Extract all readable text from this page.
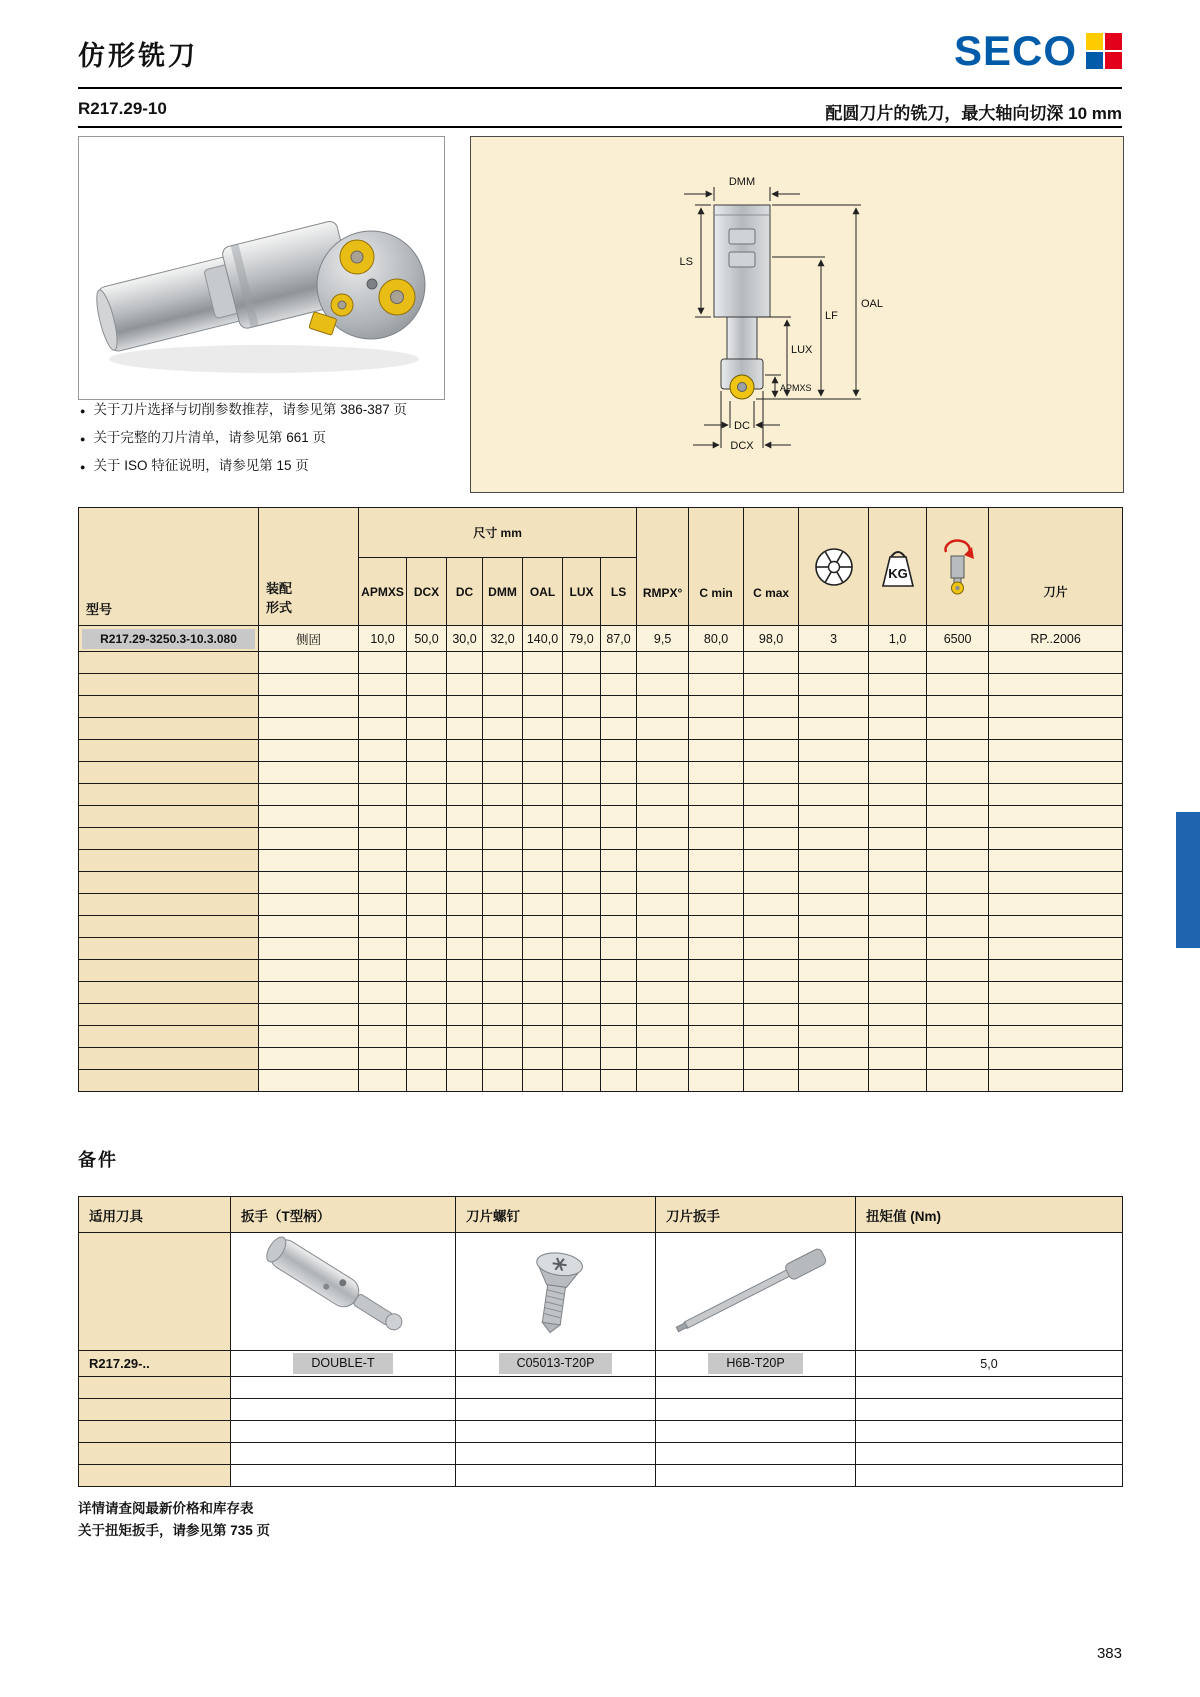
仿形铣刀	SECO
R217.29-10	配圆刀片的铣刀，最大轴向切深 10 mm
● 关于刀片选择与切削参数推荐，请参见第 386-387 页
● 关于完整的刀片清单，请参见第 661 页
● 关于 ISO 特征说明，请参见第 15 页
DMM
LS
LUX
LF
OAL
DC
DCX
APMXS
型号	装配形式	尺寸 mm							RMPX°	C min	C max		KG		刀片
		APMXS	DCX	DC	DMM	OAL	LUX	LS							

R217.29-3250.3-10.3.080	侧固	10,0	50,0	30,0	32,0	140,0	79,0	87,0	9,5	80,0	98,0	3	1,0	6500	RP..2006

备件
适用刀具	扳手（T型柄）	刀片螺钉	刀片扳手	扭矩值 (Nm)

R217.29-..	DOUBLE-T	C05013-T20P	H6B-T20P	5,0

详情请查阅最新价格和库存表
关于扭矩扳手，请参见第 735 页
383
